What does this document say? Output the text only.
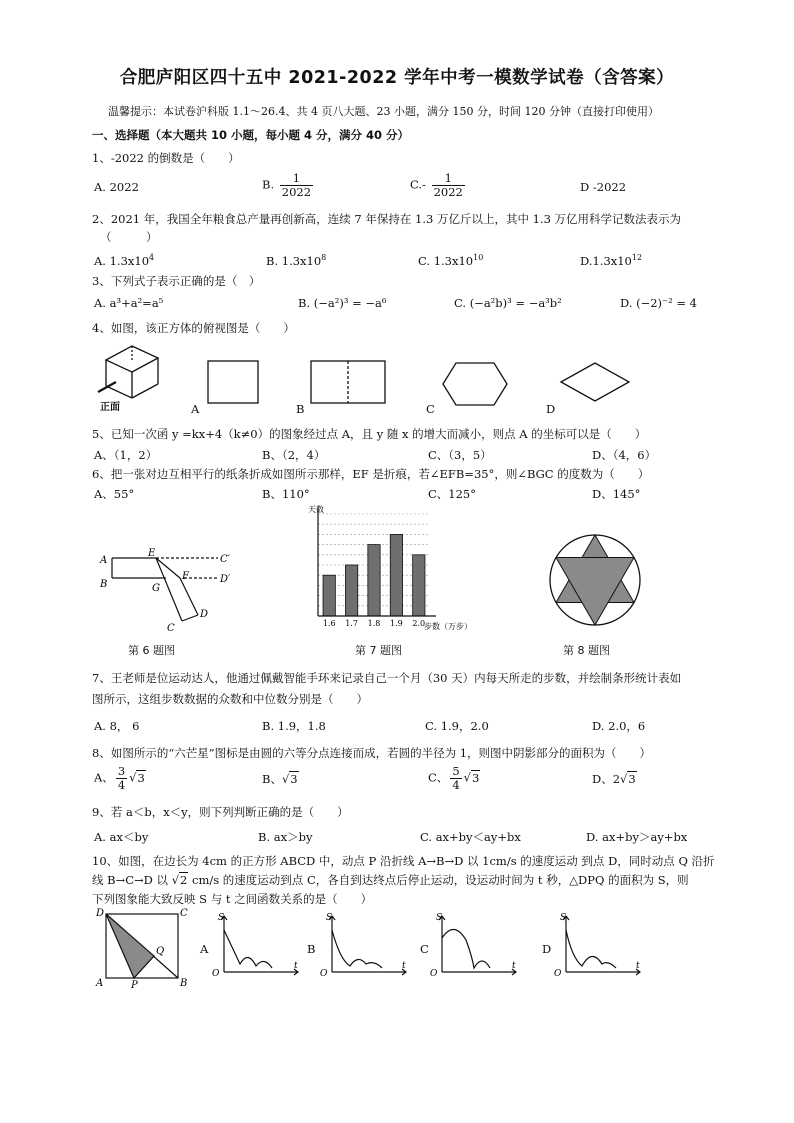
合肥庐阳区四十五中 2021-2022 学年中考一模数学试卷（含答案）
温馨提示：本试卷沪科版 1.1～26.4、共 4 页八大题、23 小题，满分 150 分，时间 120 分钟（直接打印使用）
一、选择题（本大题共 10 小题，每小题 4 分，满分 40 分）
1、-2022 的倒数是（　　）
A. 2022	B. $\frac{1}{2022}$	$C.- \frac{1}{2022}$	D -2022
2、2021 年，我国全年粮食总产量再创新高，连续 7 年保持在 1.3 万亿斤以上，其中 1.3 万亿用科学记数法表示为
（　　　）
A. $1.3x10^4$	B. $1.3x10^8$	C. $1.3x10^{10}$	$D.1.3x10^{12}$
3、下列式子表示正确的是（　）
A. a³+a²=a⁵	B. (−a²)³ = −a⁶	C. (−a²b)³ = −a³b²	D. (−2)⁻² = 4
4、如图，该正方体的俯视图是（　　）
正面	A	B	C	D
5、已知一次函 y =kx+4（k≠0）的图象经过点 A，且 y 随 x 的增大而减小，则点 A 的坐标可以是（　　）
A、（1，2）	B、（2，4）	C、（3，5）	D、（4，6）
6、把一张对边互相平行的纸条折成如图所示那样，EF 是折痕，若∠EFB=35°，则∠BGC 的度数为（　　）
A、55°	B、110°	C、125°	D、145°
A
B
E
F
G
C
D
C′
D′
第 6 题图
1.6 1.7 1.8 1.9 2.0
天数
步数（万步）
第 7 题图	第 8 题图
7、王老师是位运动达人，他通过佩戴智能手环来记录自己一个月（30 天）内每天所走的步数，并绘制条形统计表如
图所示，这组步数数据的众数和中位数分别是（　　）
A. 8， 6	B. 1.9，1.8	C. 1.9，2.0	D. 2.0，6
8、如图所示的“六芒星”图标是由圆的六等分点连接而成，若圆的半径为 1，则图中阴影部分的面积为（　　）
A、 $\frac{3}{4} √3$	B、√3	C、 $\frac{5}{4} √3$	D、2√3
9、若 a＜b，x＜y，则下列判断正确的是（　　）
A. ax＜by	B. ax＞by	C. ax+by＜ay+bx	D. ax+by＞ay+bx
10、如图，在边长为 4cm 的正方形 ABCD 中，动点 P 沿折线 A→B→D 以 1cm/s 的速度运动 到点 D，同时动点 Q 沿折
线 B→C→D 以 √2 cm/s 的速度运动到点 C，各自到达终点后停止运动，设运动时间为 t 秒，△DPQ 的面积为 S，则
下列图象能大致反映 S 与 t 之间函数关系的是（　　）
D	C
A	B
P
Q	A
S
O
t
B
S
O
t
C
S
O
t
D
S
O
t
